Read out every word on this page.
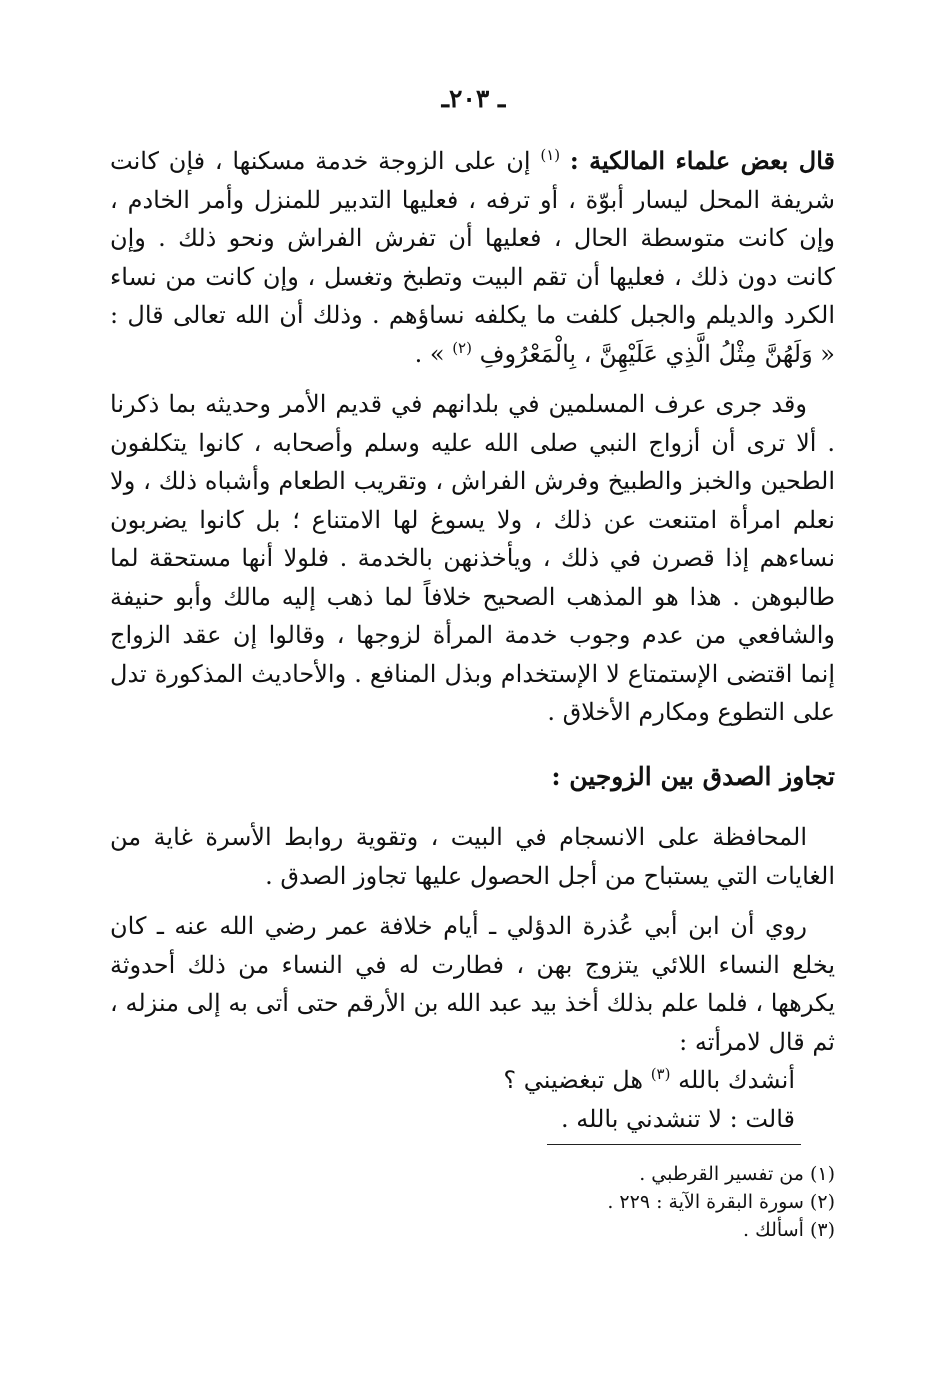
ـ ٢٠٣ـ

قال بعض علماء المالكية : $^{(١)}$ إن على الزوجة خدمة مسكنها ، فإن كانت شريفة المحل ليسار أبوّة ، أو ترفه ، فعليها التدبير للمنزل وأمر الخادم ، وإن كانت متوسطة الحال ، فعليها أن تفرش الفراش ونحو ذلك . وإن كانت دون ذلك ، فعليها أن تقم البيت وتطبخ وتغسل ، وإن كانت من نساء الكرد والديلم والجبل كلفت ما يكلفه نساؤهم . وذلك أن الله تعالى قال : « وَلَهُنَّ مِثْلُ الَّذِي عَلَيْهِنَّ ، بِالْمَعْرُوفِ $^{(٢)}$ » .

وقد جرى عرف المسلمين في بلدانهم في قديم الأمر وحديثه بما ذكرنا . ألا ترى أن أزواج النبي صلى الله عليه وسلم وأصحابه ، كانوا يتكلفون الطحين والخبز والطبيخ وفرش الفراش ، وتقريب الطعام وأشباه ذلك ، ولا نعلم امرأة امتنعت عن ذلك ، ولا يسوغ لها الامتناع ؛ بل كانوا يضربون نساءهم إذا قصرن في ذلك ، ويأخذنهن بالخدمة . فلولا أنها مستحقة لما طالبوهن . هذا هو المذهب الصحيح خلافاً لما ذهب إليه مالك وأبو حنيفة والشافعي من عدم وجوب خدمة المرأة لزوجها ، وقالوا إن عقد الزواج إنما اقتضى الإستمتاع لا الإستخدام وبذل المنافع . والأحاديث المذكورة تدل على التطوع ومكارم الأخلاق .

تجاوز الصدق بين الزوجين :

المحافظة على الانسجام في البيت ، وتقوية روابط الأسرة غاية من الغايات التي يستباح من أجل الحصول عليها تجاوز الصدق .

روي أن ابن أبي عُذرة الدؤلي ـ أيام خلافة عمر رضي الله عنه ـ كان يخلع النساء اللائي يتزوج بهن ، فطارت له في النساء من ذلك أحدوثة يكرهها ، فلما علم بذلك أخذ بيد عبد الله بن الأرقم حتى أتى به إلى منزله ، ثم قال لامرأته :

أنشدك بالله $^{(٣)}$ هل تبغضيني ؟

قالت : لا تنشدني بالله .

(١) من تفسير القرطبي .

(٢) سورة البقرة الآية : ٢٢٩ .

(٣) أسألك .
